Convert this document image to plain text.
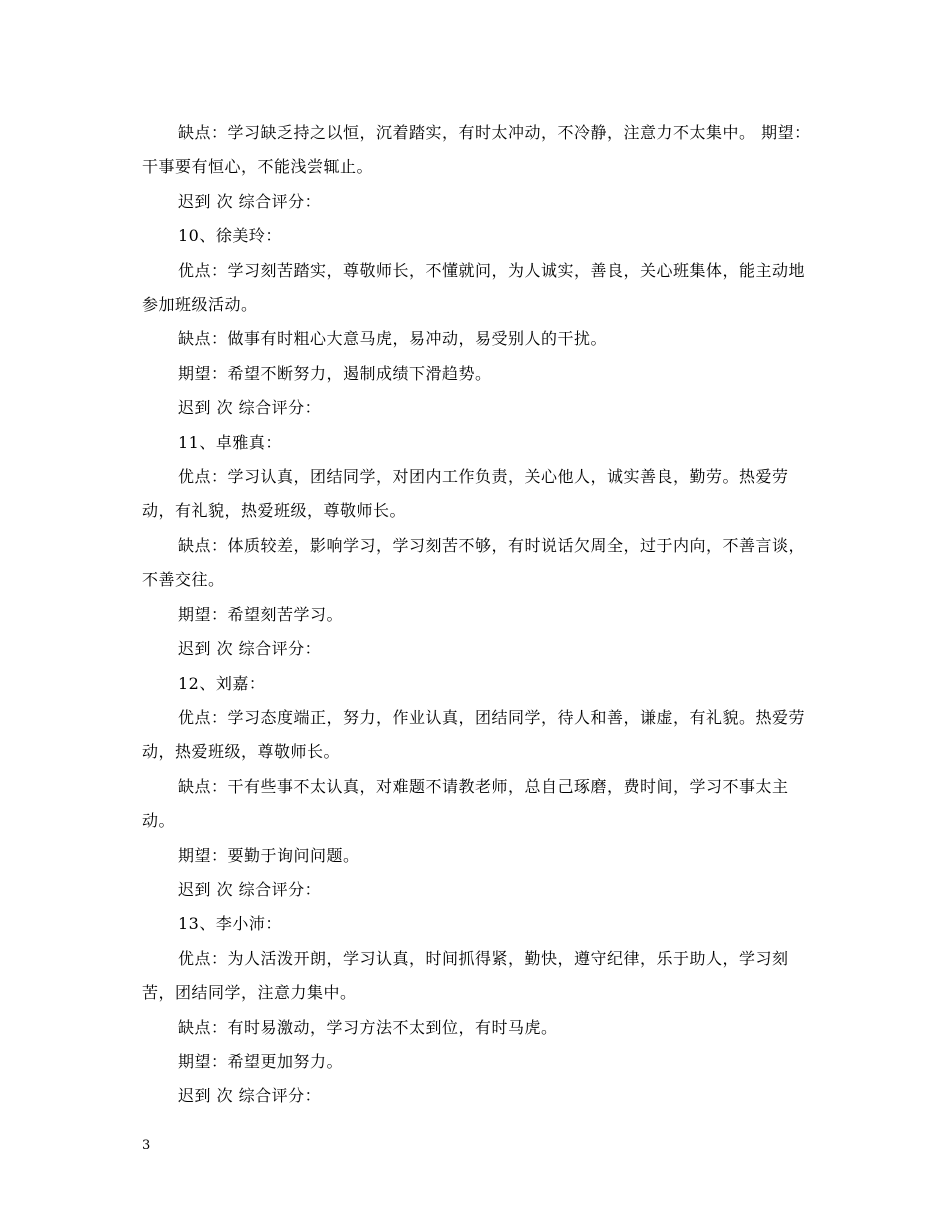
缺点：学习缺乏持之以恒，沉着踏实，有时太冲动，不冷静，注意力不太集中。 期望：干事要有恒心，不能浅尝辄止。

迟到 次 综合评分：

10、徐美玲：

优点：学习刻苦踏实，尊敬师长，不懂就问，为人诚实，善良，关心班集体，能主动地参加班级活动。

缺点：做事有时粗心大意马虎，易冲动，易受别人的干扰。

期望：希望不断努力，遏制成绩下滑趋势。

迟到 次 综合评分：

11、卓雅真：

优点：学习认真，团结同学，对团内工作负责，关心他人，诚实善良，勤劳。热爱劳动，有礼貌，热爱班级，尊敬师长。

缺点：体质较差，影响学习，学习刻苦不够，有时说话欠周全，过于内向，不善言谈，不善交往。

期望：希望刻苦学习。

迟到 次 综合评分：

12、刘嘉：

优点：学习态度端正，努力，作业认真，团结同学，待人和善，谦虚，有礼貌。热爱劳动，热爱班级，尊敬师长。

缺点：干有些事不太认真，对难题不请教老师，总自己琢磨，费时间，学习不事太主动。

期望：要勤于询问问题。

迟到 次 综合评分：

13、李小沛：

优点：为人活泼开朗，学习认真，时间抓得紧，勤快，遵守纪律，乐于助人，学习刻苦，团结同学，注意力集中。

缺点：有时易激动，学习方法不太到位，有时马虎。

期望：希望更加努力。

迟到 次 综合评分：

3
